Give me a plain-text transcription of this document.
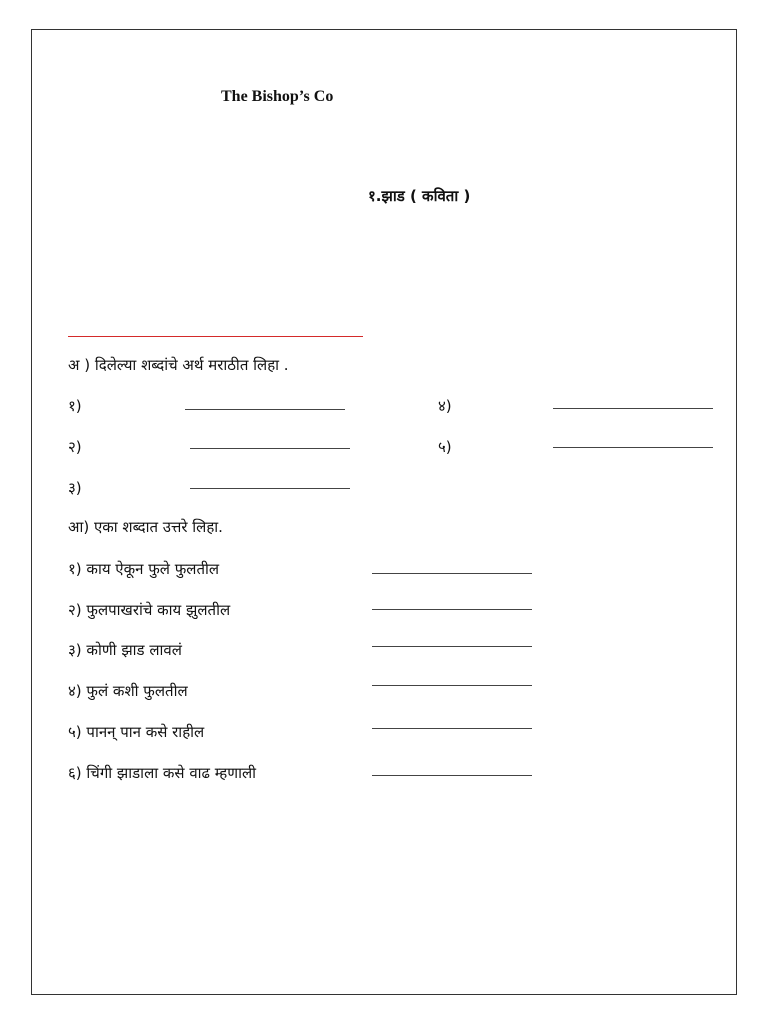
The Bishop’s Co
१.झाड ( कविता )
अ ) दिलेल्या शब्दांचे अर्थ मराठीत लिहा .
१)
२)
३)
४)
५)
आ) एका शब्दात उत्तरे लिहा.
१) काय ऐकून फुले फुलतील
२) फुलपाखरांचे काय झुलतील
३) कोणी झाड लावलं
४) फुलं कशी फुलतील
५) पानन् पान कसे राहील
६) चिंगी झाडाला कसे वाढ म्हणाली
